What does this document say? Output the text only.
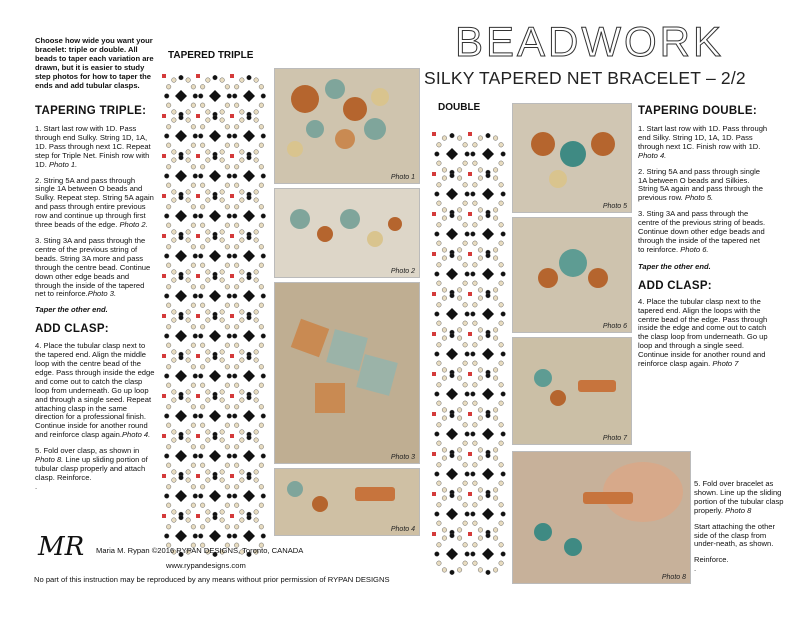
Choose how wide you want your bracelet: triple or double. All beads to taper each variation are drawn, but it is easier to study step photos for how to taper the ends and add tubular clasps.
BEADWORK
SILKY TAPERED NET BRACELET – 2/2
TAPERING TRIPLE:
1. Start last row with 1D. Pass through end Sulky. String 1D, 1A, 1D. Pass through next 1C. Repeat step for Triple Net. Finish row with 1D. Photo 1.
2. String 5A and pass through single 1A between O beads and Sulky. Repeat step. String 5A again and pass through entire previous row and continue up through first three beads of the edge. Photo 2.
3. Sting 3A and pass through the centre of the previous string of beads. String 3A more and pass through the centre bead. Continue down other edge beads and through the inside of the tapered net to reinforce.Photo 3.
Taper the other end.
ADD CLASP:
4. Place the tubular clasp next to the tapered end. Align the middle loop with the centre bead of the edge. Pass through inside the edge and come out to catch the clasp loop from underneath. Go up loop and through a single seed. Repeat attaching clasp in the same direction for a professional finish. Continue inside for another round and reinforce clasp again.Photo 4.
5. Fold over clasp, as shown in Photo 8. Line up sliding portion of tubular clasp properly and attach clasp. Reinforce.
.
TAPERED TRIPLE
DOUBLE
Photo 1
Photo 2
Photo 3
Photo 4
Photo 5
Photo 6
Photo 7
Photo 8
TAPERING DOUBLE:
1. Start last row with 1D. Pass through end Silky. String 1D, 1A, 1D. Pass through next 1C. Finish row with 1D. Photo 4.
2. String 5A and pass through single 1A between O beads and Silkies. String 5A again and pass through the previous row. Photo 5.
3. Sting 3A and pass through the centre of the previous string of beads. Continue down other edge beads and through the inside of the tapered net to reinforce. Photo 6.
Taper the other end.
ADD CLASP:
4. Place the tubular clasp next to the tapered end. Align the loops with the centre bead of the edge. Pass through inside the edge and come out to catch the clasp loop from underneath. Go up loop and through a single seed. Continue inside for another round and reinforce clasp again. Photo 7
5. Fold over bracelet as shown. Line up the sliding portion of the tubular clasp properly. Photo 8
Start attaching the other side of the clasp from under-neath, as shown.
Reinforce.
.
MR Maria M. Rypan ©2016 RYPAN DESIGNS, Toronto, CANADA
www.rypandesigns.com
No part of this instruction may be reproduced by any means without prior permission of RYPAN DESIGNS
